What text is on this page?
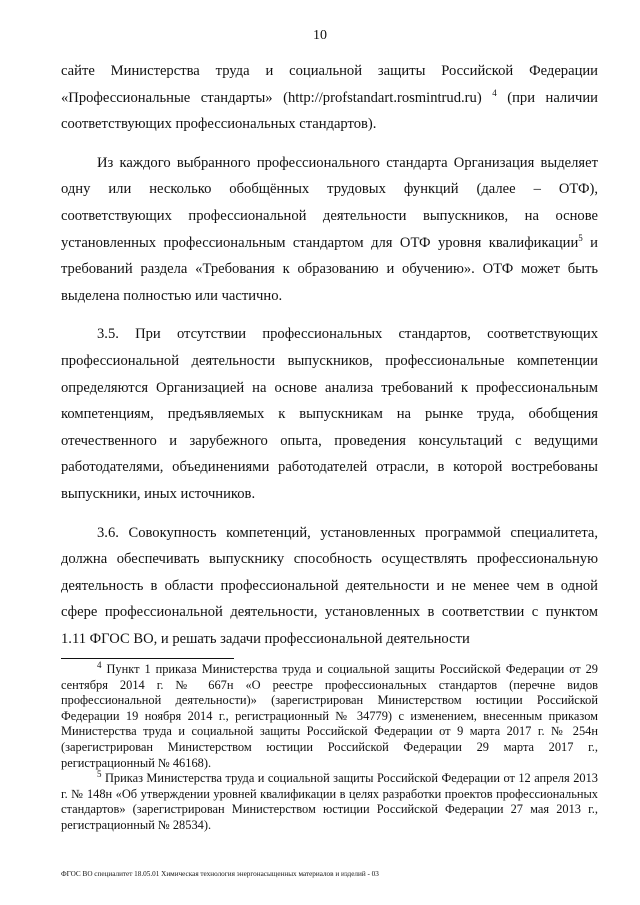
10

сайте Министерства труда и социальной защиты Российской Федерации «Профессиональные стандарты» (http://profstandart.rosmintrud.ru) $^4$ (при наличии соответствующих профессиональных стандартов).

Из каждого выбранного профессионального стандарта Организация выделяет одну или несколько обобщённых трудовых функций (далее – ОТФ), соответствующих профессиональной деятельности выпускников, на основе установленных профессиональным стандартом для ОТФ уровня квалификации$^5$ и требований раздела «Требования к образованию и обучению». ОТФ может быть выделена полностью или частично.

3.5. При отсутствии профессиональных стандартов, соответствующих профессиональной деятельности выпускников, профессиональные компетенции определяются Организацией на основе анализа требований к профессиональным компетенциям, предъявляемых к выпускникам на рынке труда, обобщения отечественного и зарубежного опыта, проведения консультаций с ведущими работодателями, объединениями работодателей отрасли, в которой востребованы выпускники, иных источников.

3.6. Совокупность компетенций, установленных программой специалитета, должна обеспечивать выпускнику способность осуществлять профессиональную деятельность в области профессиональной деятельности и не менее чем в одной сфере профессиональной деятельности, установленных в соответствии с пунктом 1.11 ФГОС ВО, и решать задачи профессиональной деятельности

$^4$ Пункт 1 приказа Министерства труда и социальной защиты Российской Федерации от 29 сентября 2014 г. № 667н «О реестре профессиональных стандартов (перечне видов профессиональной деятельности)» (зарегистрирован Министерством юстиции Российской Федерации 19 ноября 2014 г., регистрационный № 34779) с изменением, внесенным приказом Министерства труда и социальной защиты Российской Федерации от 9 марта 2017 г. № 254н (зарегистрирован Министерством юстиции Российской Федерации 29 марта 2017 г., регистрационный № 46168).

$^5$ Приказ Министерства труда и социальной защиты Российской Федерации от 12 апреля 2013 г. № 148н «Об утверждении уровней квалификации в целях разработки проектов профессиональных стандартов» (зарегистрирован Министерством юстиции Российской Федерации 27 мая 2013 г., регистрационный № 28534).

ФГОС ВО специалитет 18.05.01 Химическая технология энергонасыщенных материалов и изделий - 03
